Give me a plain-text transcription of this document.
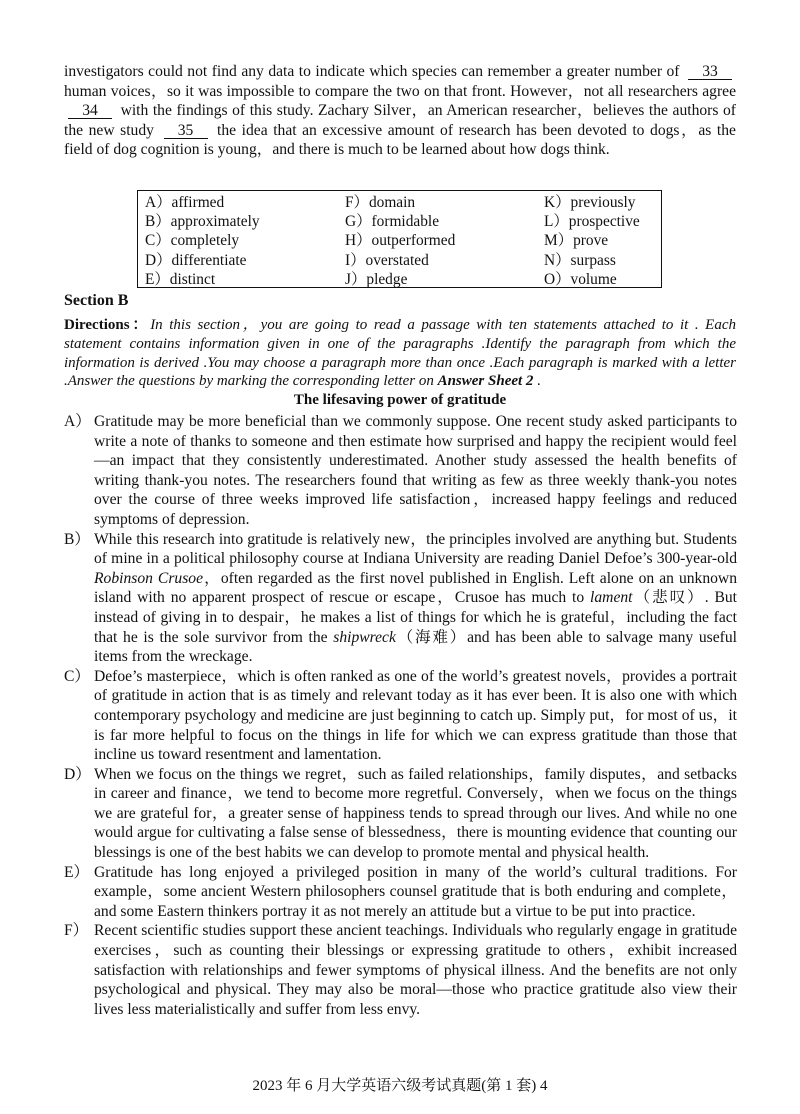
investigators could not find any data to indicate which species can remember a greater number of 33 human voices，so it was impossible to compare the two on that front. However，not all researchers agree 34 with the findings of this study. Zachary Silver，an American researcher，believes the authors of the new study 35 the idea that an excessive amount of research has been devoted to dogs，as the field of dog cognition is young，and there is much to be learned about how dogs think.
A）affirmed
B）approximately
C）completely
D）differentiate
E）distinct
F）domain
G）formidable
H）outperformed
I）overstated
J）pledge
K）previously
L）prospective
M）prove
N）surpass
O）volume
Section B
Directions：In this section，you are going to read a passage with ten statements attached to it . Each statement contains information given in one of the paragraphs .Identify the paragraph from which the information is derived .You may choose a paragraph more than once .Each paragraph is marked with a letter .Answer the questions by marking the corresponding letter on Answer Sheet 2 .
The lifesaving power of gratitude
A） Gratitude may be more beneficial than we commonly suppose. One recent study asked participants to write a note of thanks to someone and then estimate how surprised and happy the recipient would feel—an impact that they consistently underestimated. Another study assessed the health benefits of writing thank-you notes. The researchers found that writing as few as three weekly thank-you notes over the course of three weeks improved life satisfaction，increased happy feelings and reduced symptoms of depression.
B） While this research into gratitude is relatively new，the principles involved are anything but. Students of mine in a political philosophy course at Indiana University are reading Daniel Defoe’s 300-year-old Robinson Crusoe，often regarded as the first novel published in English. Left alone on an unknown island with no apparent prospect of rescue or escape，Crusoe has much to lament（悲叹）. But instead of giving in to despair，he makes a list of things for which he is grateful，including the fact that he is the sole survivor from the shipwreck（海难）and has been able to salvage many useful items from the wreckage.
C） Defoe’s masterpiece，which is often ranked as one of the world’s greatest novels，provides a portrait of gratitude in action that is as timely and relevant today as it has ever been. It is also one with which contemporary psychology and medicine are just beginning to catch up. Simply put，for most of us，it is far more helpful to focus on the things in life for which we can express gratitude than those that incline us toward resentment and lamentation.
D） When we focus on the things we regret，such as failed relationships，family disputes，and setbacks in career and finance，we tend to become more regretful. Conversely，when we focus on the things we are grateful for，a greater sense of happiness tends to spread through our lives. And while no one would argue for cultivating a false sense of blessedness，there is mounting evidence that counting our blessings is one of the best habits we can develop to promote mental and physical health.
E） Gratitude has long enjoyed a privileged position in many of the world’s cultural traditions. For example，some ancient Western philosophers counsel gratitude that is both enduring and complete，and some Eastern thinkers portray it as not merely an attitude but a virtue to be put into practice.
F） Recent scientific studies support these ancient teachings. Individuals who regularly engage in gratitude exercises，such as counting their blessings or expressing gratitude to others，exhibit increased satisfaction with relationships and fewer symptoms of physical illness. And the benefits are not only psychological and physical. They may also be moral—those who practice gratitude also view their lives less materialistically and suffer from less envy.
2023 年 6 月大学英语六级考试真题(第 1 套) 4
